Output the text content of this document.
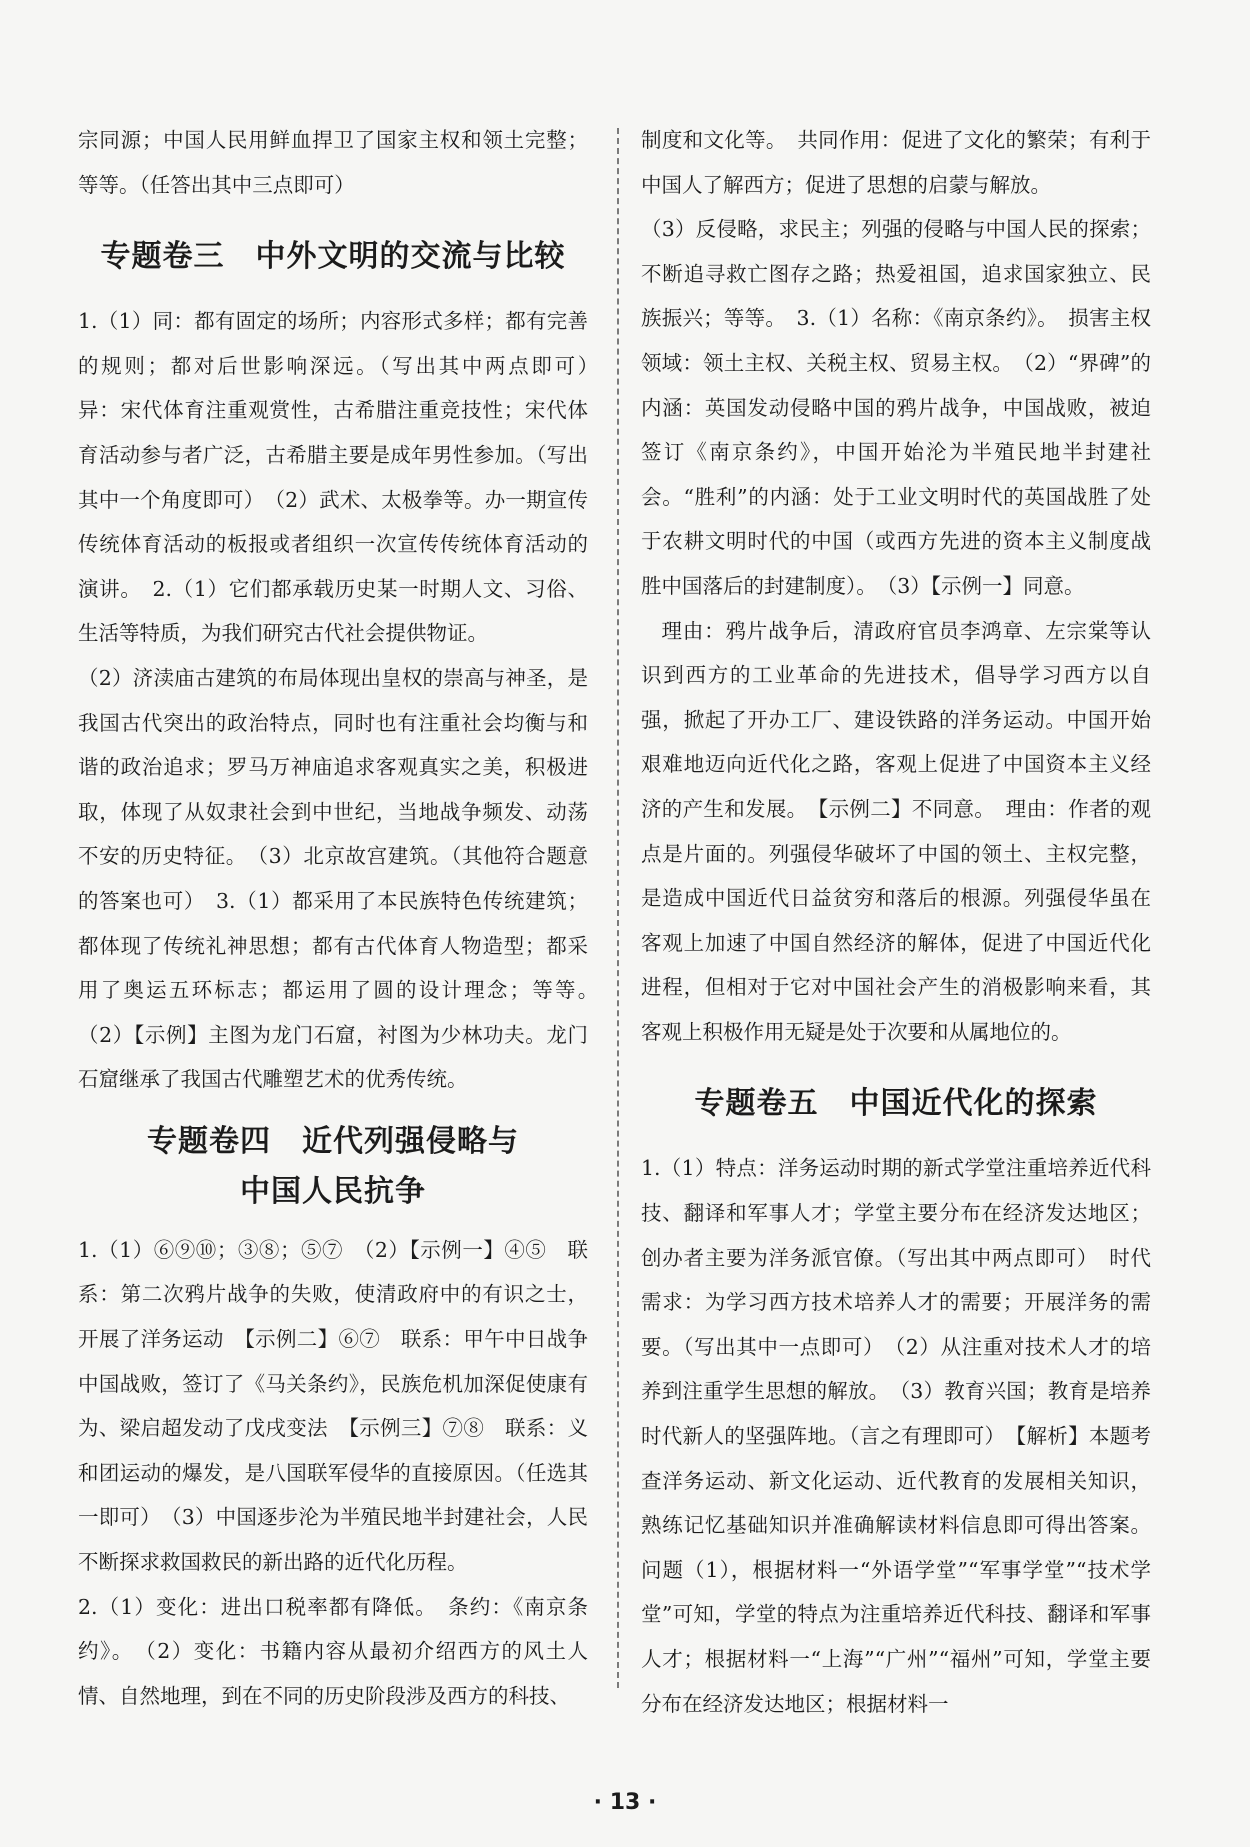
宗同源；中国人民用鲜血捍卫了国家主权和领土完整；等等。（任答出其中三点即可）

专题卷三　中外文明的交流与比较

1.（1）同：都有固定的场所；内容形式多样；都有完善的规则；都对后世影响深远。（写出其中两点即可）　异：宋代体育注重观赏性，古希腊注重竞技性；宋代体育活动参与者广泛，古希腊主要是成年男性参加。（写出其中一个角度即可）　（2）武术、太极拳等。办一期宣传传统体育活动的板报或者组织一次宣传传统体育活动的演讲。　2.（1）它们都承载历史某一时期人文、习俗、生活等特质，为我们研究古代社会提供物证。

（2）济渎庙古建筑的布局体现出皇权的崇高与神圣，是我国古代突出的政治特点，同时也有注重社会均衡与和谐的政治追求；罗马万神庙追求客观真实之美，积极进取，体现了从奴隶社会到中世纪，当地战争频发、动荡不安的历史特征。　（3）北京故宫建筑。（其他符合题意的答案也可）　3.（1）都采用了本民族特色传统建筑；都体现了传统礼神思想；都有古代体育人物造型；都采用了奥运五环标志；都运用了圆的设计理念；等等。　（2）【示例】主图为龙门石窟，衬图为少林功夫。龙门石窟继承了我国古代雕塑艺术的优秀传统。

专题卷四　近代列强侵略与
中国人民抗争

1.（1）⑥⑨⑩；③⑧；⑤⑦　（2）【示例一】④⑤　联系：第二次鸦片战争的失败，使清政府中的有识之士，开展了洋务运动　【示例二】⑥⑦　联系：甲午中日战争中国战败，签订了《马关条约》，民族危机加深促使康有为、梁启超发动了戊戌变法　【示例三】⑦⑧　联系：义和团运动的爆发，是八国联军侵华的直接原因。（任选其一即可）　（3）中国逐步沦为半殖民地半封建社会，人民不断探求救国救民的新出路的近代化历程。

2.（1）变化：进出口税率都有降低。　条约：《南京条约》。　（2）变化：书籍内容从最初介绍西方的风土人情、自然地理，到在不同的历史阶段涉及西方的科技、

制度和文化等。　共同作用：促进了文化的繁荣；有利于中国人了解西方；促进了思想的启蒙与解放。

（3）反侵略，求民主；列强的侵略与中国人民的探索；不断追寻救亡图存之路；热爱祖国，追求国家独立、民族振兴；等等。　3.（1）名称：《南京条约》。　损害主权领域：领土主权、关税主权、贸易主权。　（2）“界碑”的内涵：英国发动侵略中国的鸦片战争，中国战败，被迫签订《南京条约》，中国开始沦为半殖民地半封建社会。“胜利”的内涵：处于工业文明时代的英国战胜了处于农耕文明时代的中国（或西方先进的资本主义制度战胜中国落后的封建制度）。　（3）【示例一】同意。

理由：鸦片战争后，清政府官员李鸿章、左宗棠等认识到西方的工业革命的先进技术，倡导学习西方以自强，掀起了开办工厂、建设铁路的洋务运动。中国开始艰难地迈向近代化之路，客观上促进了中国资本主义经济的产生和发展。　【示例二】不同意。　理由：作者的观点是片面的。列强侵华破坏了中国的领土、主权完整，是造成中国近代日益贫穷和落后的根源。列强侵华虽在客观上加速了中国自然经济的解体，促进了中国近代化进程，但相对于它对中国社会产生的消极影响来看，其客观上积极作用无疑是处于次要和从属地位的。

专题卷五　中国近代化的探索

1.（1）特点：洋务运动时期的新式学堂注重培养近代科技、翻译和军事人才；学堂主要分布在经济发达地区；创办者主要为洋务派官僚。（写出其中两点即可）　时代需求：为学习西方技术培养人才的需要；开展洋务的需要。（写出其中一点即可）　（2）从注重对技术人才的培养到注重学生思想的解放。　（3）教育兴国；教育是培养时代新人的坚强阵地。（言之有理即可）　【解析】本题考查洋务运动、新文化运动、近代教育的发展相关知识，熟练记忆基础知识并准确解读材料信息即可得出答案。问题（1），根据材料一“外语学堂”“军事学堂”“技术学堂”可知，学堂的特点为注重培养近代科技、翻译和军事人才；根据材料一“上海”“广州”“福州”可知，学堂主要分布在经济发达地区；根据材料一

· 13 ·
